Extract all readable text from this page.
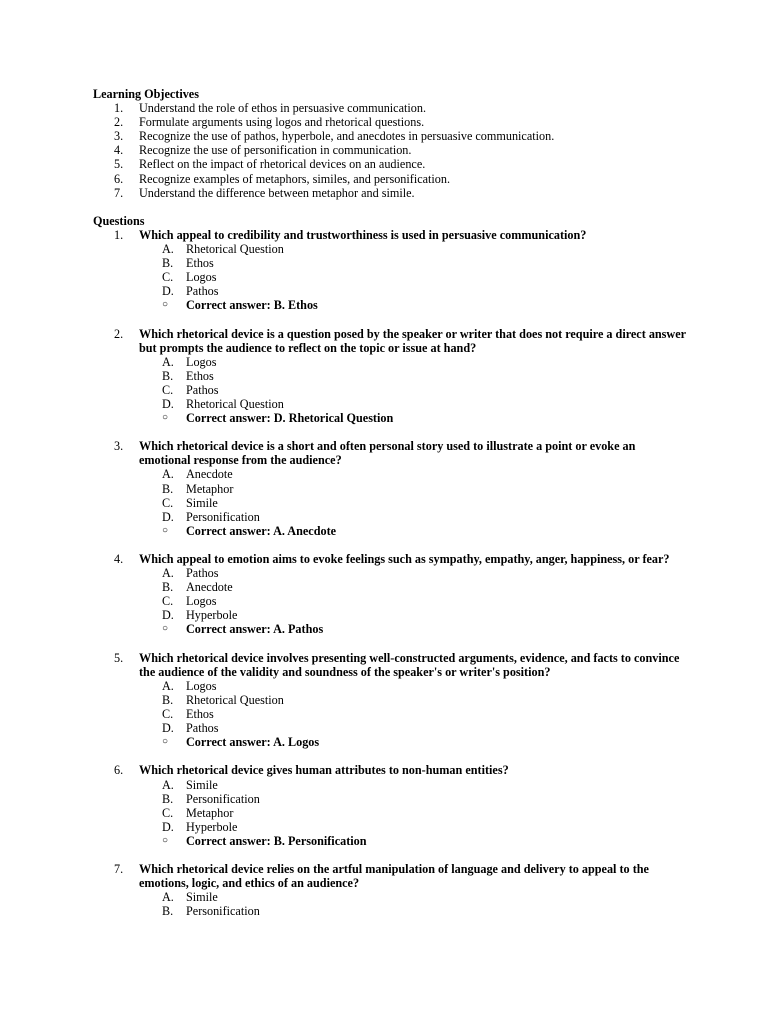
Learning Objectives
1.	Understand the role of ethos in persuasive communication.
2.	Formulate arguments using logos and rhetorical questions.
3.	Recognize the use of pathos, hyperbole, and anecdotes in persuasive communication.
4.	Recognize the use of personification in communication.
5.	Reflect on the impact of rhetorical devices on an audience.
6.	Recognize examples of metaphors, similes, and personification.
7.	Understand the difference between metaphor and simile.
Questions
1. Which appeal to credibility and trustworthiness is used in persuasive communication?
A. Rhetorical Question
B.	Ethos
C.	Logos
D. Pathos
○	Correct answer: B. Ethos
2. Which rhetorical device is a question posed by the speaker or writer that does not require a direct answer but prompts the audience to reflect on the topic or issue at hand?
A. Logos
B.	Ethos
C.	Pathos
D. Rhetorical Question
○	Correct answer: D. Rhetorical Question
3. Which rhetorical device is a short and often personal story used to illustrate a point or evoke an emotional response from the audience?
A. Anecdote
B.	Metaphor
C.	Simile
D. Personification
○	Correct answer: A. Anecdote
4. Which appeal to emotion aims to evoke feelings such as sympathy, empathy, anger, happiness, or fear?
A. Pathos
B.	Anecdote
C.	Logos
D. Hyperbole
○	Correct answer: A. Pathos
5. Which rhetorical device involves presenting well-constructed arguments, evidence, and facts to convince the audience of the validity and soundness of the speaker's or writer's position?
A. Logos
B.	Rhetorical Question
C.	Ethos
D. Pathos
○	Correct answer: A. Logos
6. Which rhetorical device gives human attributes to non-human entities?
A. Simile
B.	Personification
C.	Metaphor
D. Hyperbole
○	Correct answer: B. Personification
7. Which rhetorical device relies on the artful manipulation of language and delivery to appeal to the emotions, logic, and ethics of an audience?
A. Simile
B.	Personification
